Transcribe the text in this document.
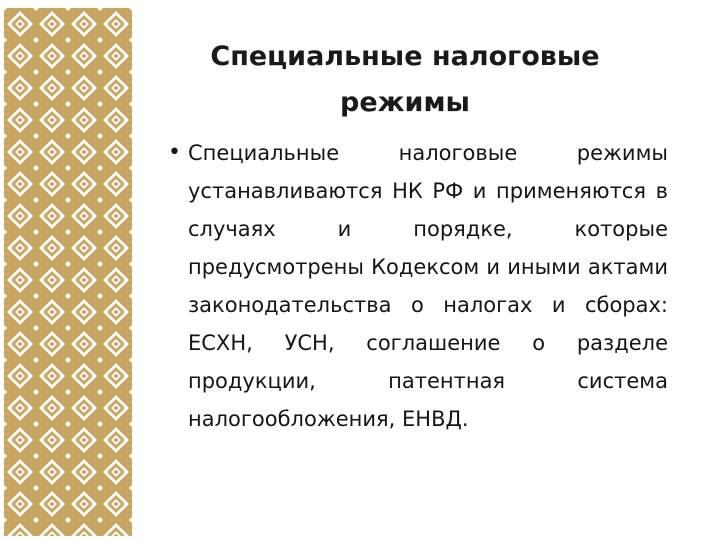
Специальные налоговые режимы
• Специальные налоговые режимы устанавливаются НК РФ и применяются в случаях и порядке, которые предусмотрены Кодексом и иными актами законодательства о налогах и сборах: ЕСХН, УСН, соглашение о разделе продукции, патентная система налогообложения, ЕНВД.
